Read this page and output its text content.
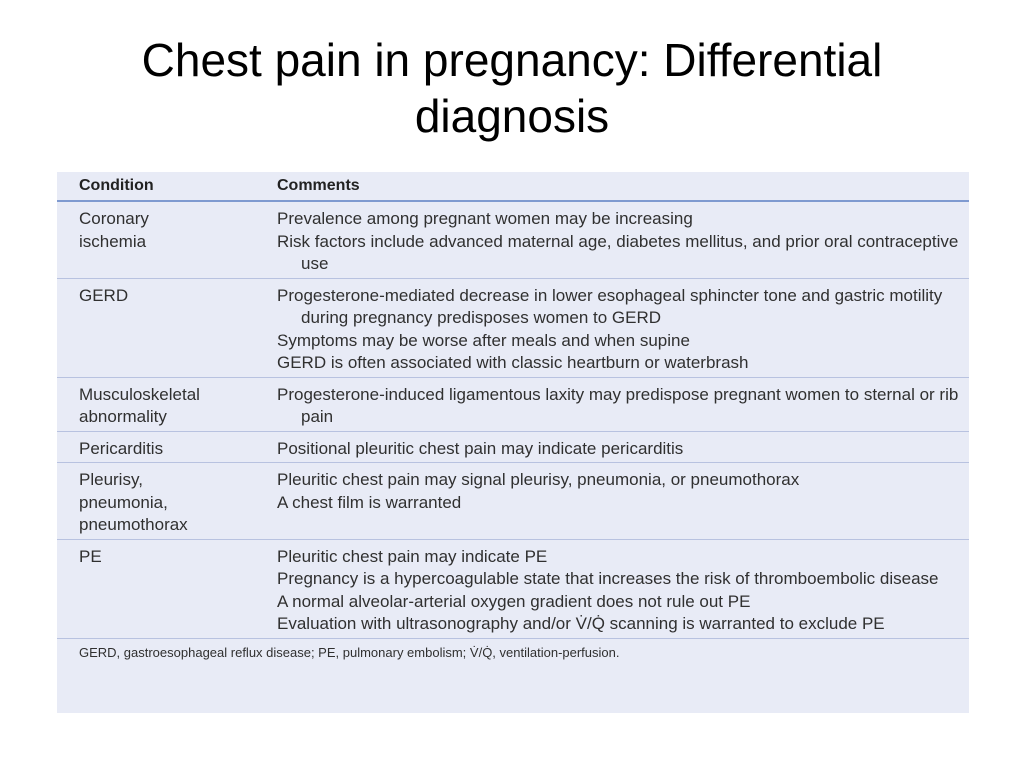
Chest pain in pregnancy: Differential diagnosis
Condition	Comments
Coronary
ischemia	Prevalence among pregnant women may be increasing
Risk factors include advanced maternal age, diabetes mellitus, and prior oral contraceptive use

GERD	Progesterone-mediated decrease in lower esophageal sphincter tone and gastric motility during pregnancy predisposes women to GERD
Symptoms may be worse after meals and when supine
GERD is often associated with classic heartburn or waterbrash

Musculoskeletal
abnormality	Progesterone-induced ligamentous laxity may predispose pregnant women to sternal or rib pain

Pericarditis	Positional pleuritic chest pain may indicate pericarditis

Pleurisy,
pneumonia,
pneumothorax	Pleuritic chest pain may signal pleurisy, pneumonia, or pneumothorax
A chest film is warranted

PE	Pleuritic chest pain may indicate PE
Pregnancy is a hypercoagulable state that increases the risk of thromboembolic disease
A normal alveolar-arterial oxygen gradient does not rule out PE
Evaluation with ultrasonography and/or V̇/Q̇ scanning is warranted to exclude PE

GERD, gastroesophageal reflux disease; PE, pulmonary embolism; V̇/Q̇, ventilation-perfusion.	
